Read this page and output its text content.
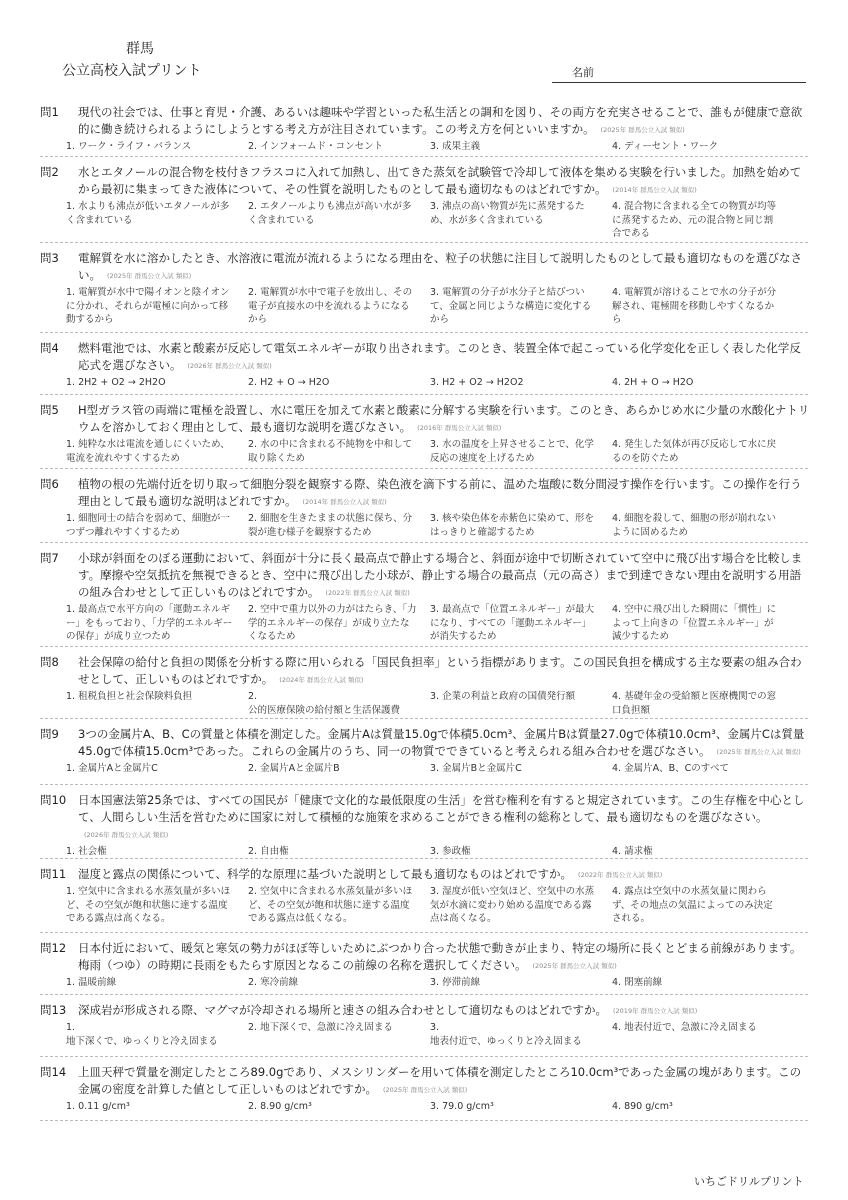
群馬
公立高校入試プリント	名前
問1	現代の社会では、仕事と育児・介護、あるいは趣味や学習といった私生活との調和を図り、その両方を充実させることで、誰もが健康で意欲的に働き続けられるようにしようとする考え方が注目されています。この考え方を何といいますか。 (2025年 群馬公立入試 類似)
1. ワーク・ライフ・バランス	2. インフォームド・コンセント	3. 成果主義	4. ディーセント・ワーク
問2	水とエタノールの混合物を枝付きフラスコに入れて加熱し、出てきた蒸気を試験管で冷却して液体を集める実験を行いました。加熱を始めてから最初に集まってきた液体について、その性質を説明したものとして最も適切なものはどれですか。 (2014年 群馬公立入試 類似)
1. 水よりも沸点が低いエタノールが多く含まれている
2. エタノールよりも沸点が高い水が多く含まれている
3. 沸点の高い物質が先に蒸発するため、水が多く含まれている
4. 混合物に含まれる全ての物質が均等に蒸発するため、元の混合物と同じ割合である
問3	電解質を水に溶かしたとき、水溶液に電流が流れるようになる理由を、粒子の状態に注目して説明したものとして最も適切なものを選びなさい。 (2025年 群馬公立入試 類似)
1. 電解質が水中で陽イオンと陰イオンに分かれ、それらが電極に向かって移動するから
2. 電解質が水中で電子を放出し、その電子が直接水の中を流れるようになるから
3. 電解質の分子が水分子と結びついて、金属と同じような構造に変化するから
4. 電解質が溶けることで水の分子が分解され、電極間を移動しやすくなるから
問4	燃料電池では、水素と酸素が反応して電気エネルギーが取り出されます。このとき、装置全体で起こっている化学変化を正しく表した化学反応式を選びなさい。 (2026年 群馬公立入試 類似)
1. 2H2 + O2 → 2H2O	2. H2 + O → H2O	3. H2 + O2 → H2O2	4. 2H + O → H2O
問5	H型ガラス管の両端に電極を設置し、水に電圧を加えて水素と酸素に分解する実験を行います。このとき、あらかじめ水に少量の水酸化ナトリウムを溶かしておく理由として、最も適切な説明を選びなさい。 (2016年 群馬公立入試 類似)
1. 純粋な水は電流を通しにくいため、電流を流れやすくするため
2. 水の中に含まれる不純物を中和して取り除くため
3. 水の温度を上昇させることで、化学反応の速度を上げるため
4. 発生した気体が再び反応して水に戻るのを防ぐため
問6	植物の根の先端付近を切り取って細胞分裂を観察する際、染色液を滴下する前に、温めた塩酸に数分間浸す操作を行います。この操作を行う理由として最も適切な説明はどれですか。 (2014年 群馬公立入試 類似)
1. 細胞同士の結合を弱めて、細胞が一つずつ離れやすくするため
2. 細胞を生きたままの状態に保ち、分裂が進む様子を観察するため
3. 核や染色体を赤紫色に染めて、形をはっきりと確認するため
4. 細胞を殺して、細胞の形が崩れないように固めるため
問7	小球が斜面をのぼる運動において、斜面が十分に長く最高点で静止する場合と、斜面が途中で切断されていて空中に飛び出す場合を比較します。摩擦や空気抵抗を無視できるとき、空中に飛び出した小球が、静止する場合の最高点（元の高さ）まで到達できない理由を説明する用語の組み合わせとして正しいものはどれですか。 (2022年 群馬公立入試 類似)
1. 最高点で水平方向の「運動エネルギー」をもっており、「力学的エネルギーの保存」が成り立つため
2. 空中で重力以外の力がはたらき、「力学的エネルギーの保存」が成り立たなくなるため
3. 最高点で「位置エネルギー」が最大になり、すべての「運動エネルギー」が消失するため
4. 空中に飛び出した瞬間に「慣性」によって上向きの「位置エネルギー」が減少するため
問8	社会保障の給付と負担の関係を分析する際に用いられる「国民負担率」という指標があります。この国民負担を構成する主な要素の組み合わせとして、正しいものはどれですか。 (2024年 群馬公立入試 類似)
1. 租税負担と社会保険料負担	2.
公的医療保険の給付額と生活保護費
3. 企業の利益と政府の国債発行額	4. 基礎年金の受給額と医療機関での窓口負担額
問9	3つの金属片A、B、Cの質量と体積を測定した。金属片Aは質量15.0gで体積5.0cm³、金属片Bは質量27.0gで体積10.0cm³、金属片Cは質量45.0gで体積15.0cm³であった。これらの金属片のうち、同一の物質でできていると考えられる組み合わせを選びなさい。 (2025年 群馬公立入試 類似)
1. 金属片Aと金属片C	2. 金属片Aと金属片B	3. 金属片Bと金属片C	4. 金属片A、B、Cのすべて
問10	日本国憲法第25条では、すべての国民が「健康で文化的な最低限度の生活」を営む権利を有すると規定されています。この生存権を中心として、人間らしい生活を営むために国家に対して積極的な施策を求めることができる権利の総称として、最も適切なものを選びなさい。(2026年 群馬公立入試 類似)
1. 社会権	2. 自由権	3. 参政権	4. 請求権
問11	湿度と露点の関係について、科学的な原理に基づいた説明として最も適切なものはどれですか。 (2022年 群馬公立入試 類似)
1. 空気中に含まれる水蒸気量が多いほど、その空気が飽和状態に達する温度である露点は高くなる。
2. 空気中に含まれる水蒸気量が多いほど、その空気が飽和状態に達する温度である露点は低くなる。
3. 湿度が低い空気ほど、空気中の水蒸気が水滴に変わり始める温度である露点は高くなる。
4. 露点は空気中の水蒸気量に関わらず、その地点の気温によってのみ決定される。
問12	日本付近において、暖気と寒気の勢力がほぼ等しいためにぶつかり合った状態で動きが止まり、特定の場所に長くとどまる前線があります。梅雨（つゆ）の時期に長雨をもたらす原因となるこの前線の名称を選択してください。 (2025年 群馬公立入試 類似)
1. 温暖前線	2. 寒冷前線	3. 停滞前線	4. 閉塞前線
問13	深成岩が形成される際、マグマが冷却される場所と速さの組み合わせとして適切なものはどれですか。 (2019年 群馬公立入試 類似)
1.
地下深くで、ゆっくりと冷え固まる
2. 地下深くで、急激に冷え固まる	3.
地表付近で、ゆっくりと冷え固まる
4. 地表付近で、急激に冷え固まる
問14	上皿天秤で質量を測定したところ89.0gであり、メスシリンダーを用いて体積を測定したところ10.0cm³であった金属の塊があります。この金属の密度を計算した値として正しいものはどれですか。 (2025年 群馬公立入試 類似)
1. 0.11 g/cm³	2. 8.90 g/cm³	3. 79.0 g/cm³	4. 890 g/cm³
いちごドリルプリント
